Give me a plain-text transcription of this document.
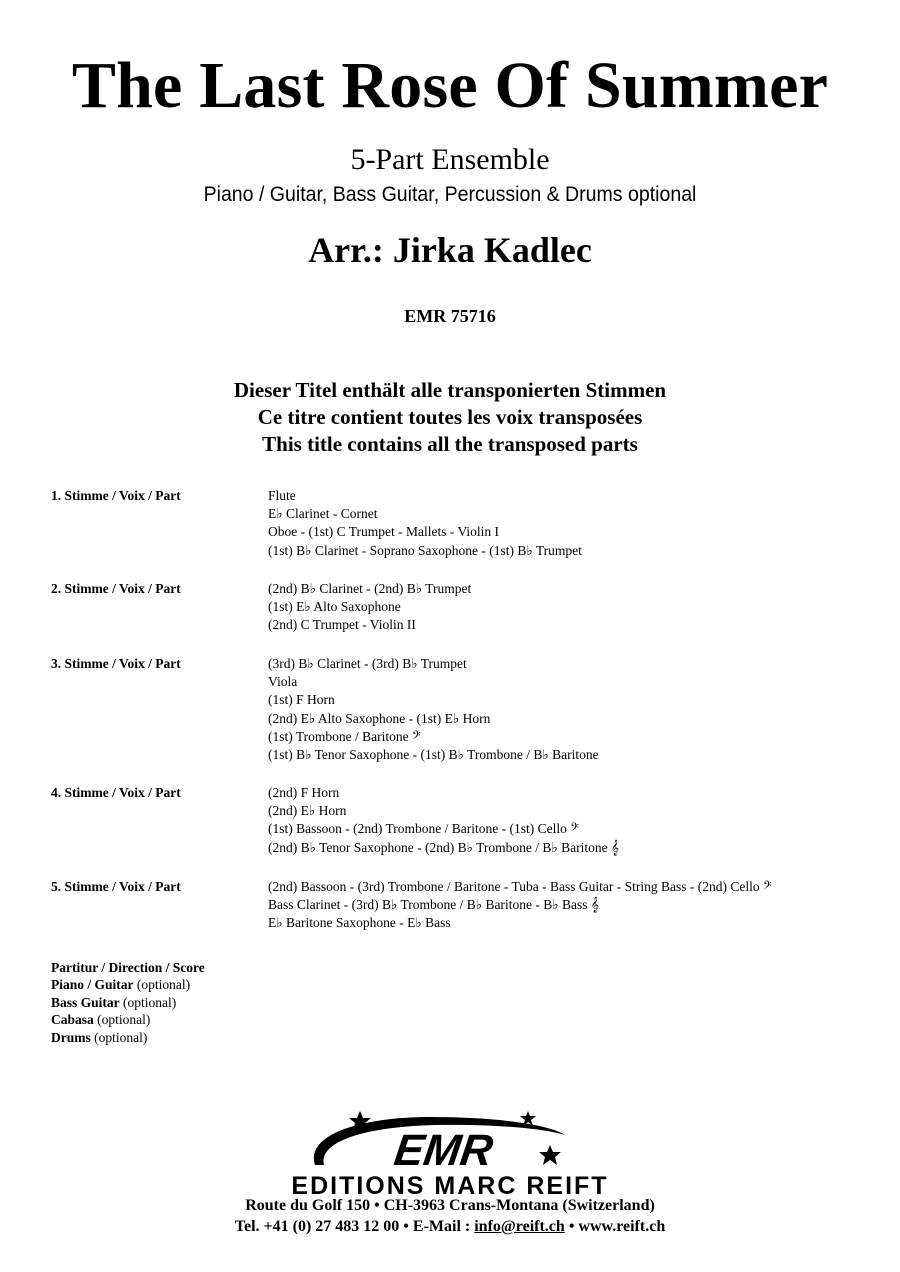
The Last Rose Of Summer
5-Part Ensemble
Piano / Guitar, Bass Guitar, Percussion & Drums optional
Arr.: Jirka Kadlec
EMR 75716
Dieser Titel enthält alle transponierten Stimmen
Ce titre contient toutes les voix transposées
This title contains all the transposed parts
1. Stimme / Voix / Part	Flute
E♭ Clarinet - Cornet
Oboe - (1st) C Trumpet - Mallets - Violin I
(1st) B♭ Clarinet - Soprano Saxophone - (1st) B♭ Trumpet
2. Stimme / Voix / Part	(2nd) B♭ Clarinet - (2nd) B♭ Trumpet
(1st) E♭ Alto Saxophone
(2nd) C Trumpet - Violin II
3. Stimme / Voix / Part	(3rd) B♭ Clarinet - (3rd) B♭ Trumpet
Viola
(1st) F Horn
(2nd) E♭ Alto Saxophone - (1st) E♭ Horn
(1st) Trombone / Baritone 𝄢
(1st) B♭ Tenor Saxophone - (1st) B♭ Trombone / B♭ Baritone
4. Stimme / Voix / Part	(2nd) F Horn
(2nd) E♭ Horn
(1st) Bassoon - (2nd) Trombone / Baritone - (1st) Cello 𝄢
(2nd) B♭ Tenor Saxophone - (2nd) B♭ Trombone / B♭ Baritone 𝄞
5. Stimme / Voix / Part	(2nd) Bassoon - (3rd) Trombone / Baritone - Tuba - Bass Guitar - String Bass - (2nd) Cello 𝄢
Bass Clarinet - (3rd) B♭ Trombone / B♭ Baritone - B♭ Bass 𝄞
E♭ Baritone Saxophone - E♭ Bass
Partitur / Direction / Score
Piano / Guitar (optional)
Bass Guitar (optional)
Cabasa (optional)
Drums (optional)
EMR
EDITIONS MARC REIFT
Route du Golf 150 • CH-3963 Crans-Montana (Switzerland)
Tel. +41 (0) 27 483 12 00 • E-Mail : info@reift.ch • www.reift.ch
